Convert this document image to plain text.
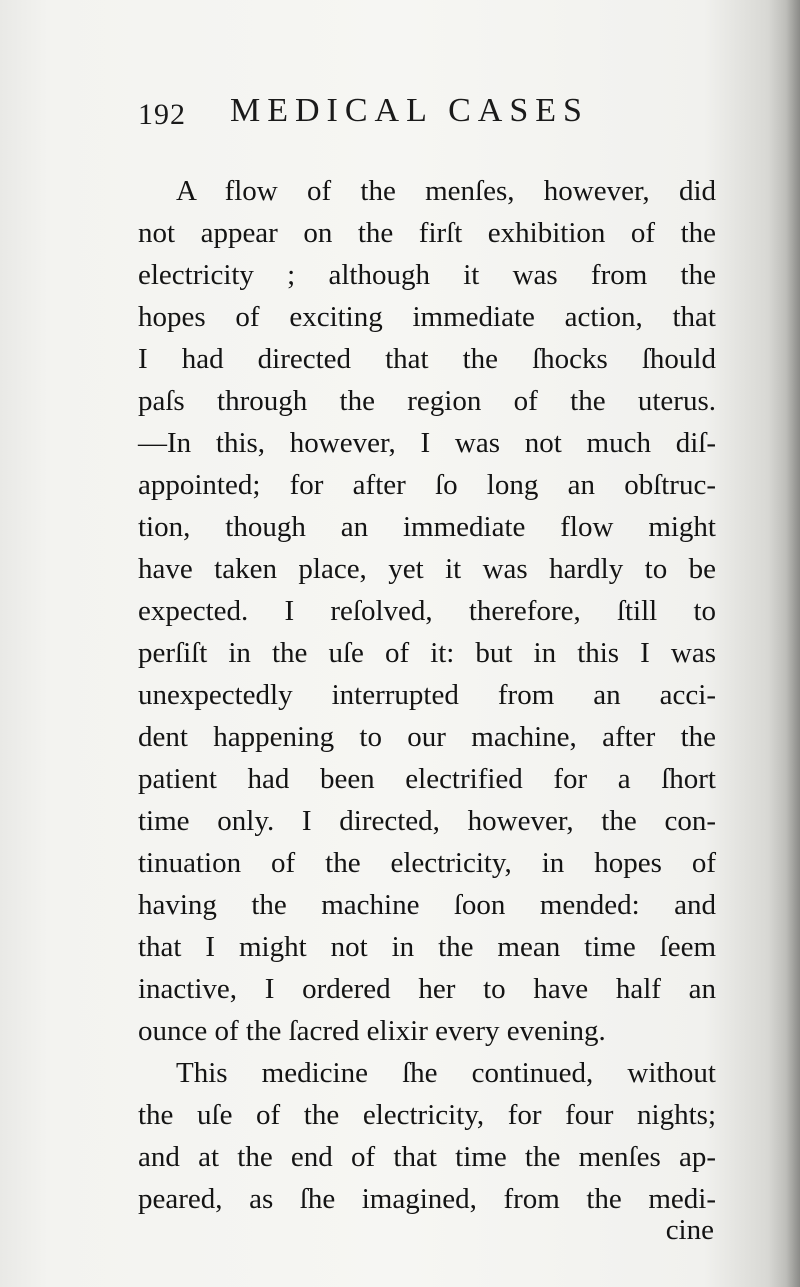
192 MEDICAL CASES
A flow of the menſes, however, did
not appear on the firſt exhibition of the
electricity ; although it was from the
hopes of exciting immediate action, that
I had directed that the ſhocks ſhould
paſs through the region of the uterus.
—In this, however, I was not much diſ-
appointed; for after ſo long an obſtruc-
tion, though an immediate flow might
have taken place, yet it was hardly to be
expected. I reſolved, therefore, ſtill to
perſiſt in the uſe of it: but in this I was
unexpectedly interrupted from an acci-
dent happening to our machine, after the
patient had been electrified for a ſhort
time only. I directed, however, the con-
tinuation of the electricity, in hopes of
having the machine ſoon mended: and
that I might not in the mean time ſeem
inactive, I ordered her to have half an
ounce of the ſacred elixir every evening.
This medicine ſhe continued, without
the uſe of the electricity, for four nights;
and at the end of that time the menſes ap-
peared, as ſhe imagined, from the medi-
cine
